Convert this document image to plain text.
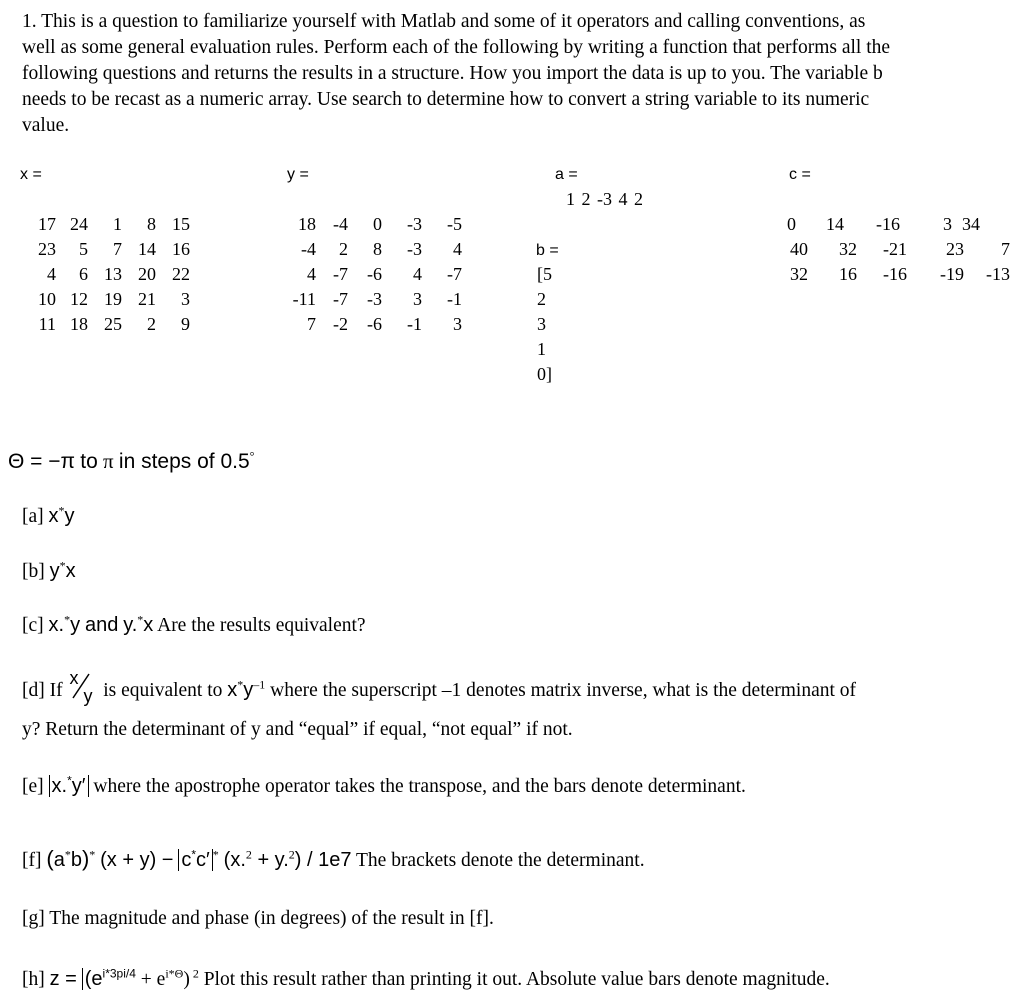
1. This is a question to familiarize yourself with Matlab and some of it operators and calling conventions, as
well as some general evaluation rules. Perform each of the following by writing a function that performs all the
following questions and returns the results in a structure. How you import the data is up to you. The variable b
needs to be recast as a numeric array. Use search to determine how to convert a string variable to its numeric
value.
x =	y =	a =	c =
1 2 -3 4 2
17 24 1 8 15
23 5 7 14 16
4 6 13 20 22
10 12 19 21 3
11 18 25 2 9
18 -4 0 -3 -5
-4 2 8 -3 4
4 -7 -6 4 -7
-11 -7 -3 3 -1
7 -2 -6 -1 3
b =
[5
2
3
1
0]
0 14 -16 3 34
40 32 -21 23 7
32 16 -16 -19 -13
Θ = −π to π in steps of 0.5°
[a] x*y
[b] y*x
[c] x.*y and y.*x Are the results equivalent?
[d] If
x
y is equivalent to $x^*y^{-1}$ where the superscript –1 denotes matrix inverse, what is the determinant of
y? Return the determinant of y and “equal” if equal, “not equal” if not.
[e] x.*y′ where the apostrophe operator takes the transpose, and the bars denote determinant.
[f] (a*b)* (x + y) − c*c′ * (x.$^2$ + y.$^2$) / 1e7 The brackets denote the determinant.
[g] The magnitude and phase (in degrees) of the result in [f].
[h] $z = (e^{i*3pi/4} + e^{i*\Theta})$ $^2$ Plot this result rather than printing it out. Absolute value bars denote magnitude.
